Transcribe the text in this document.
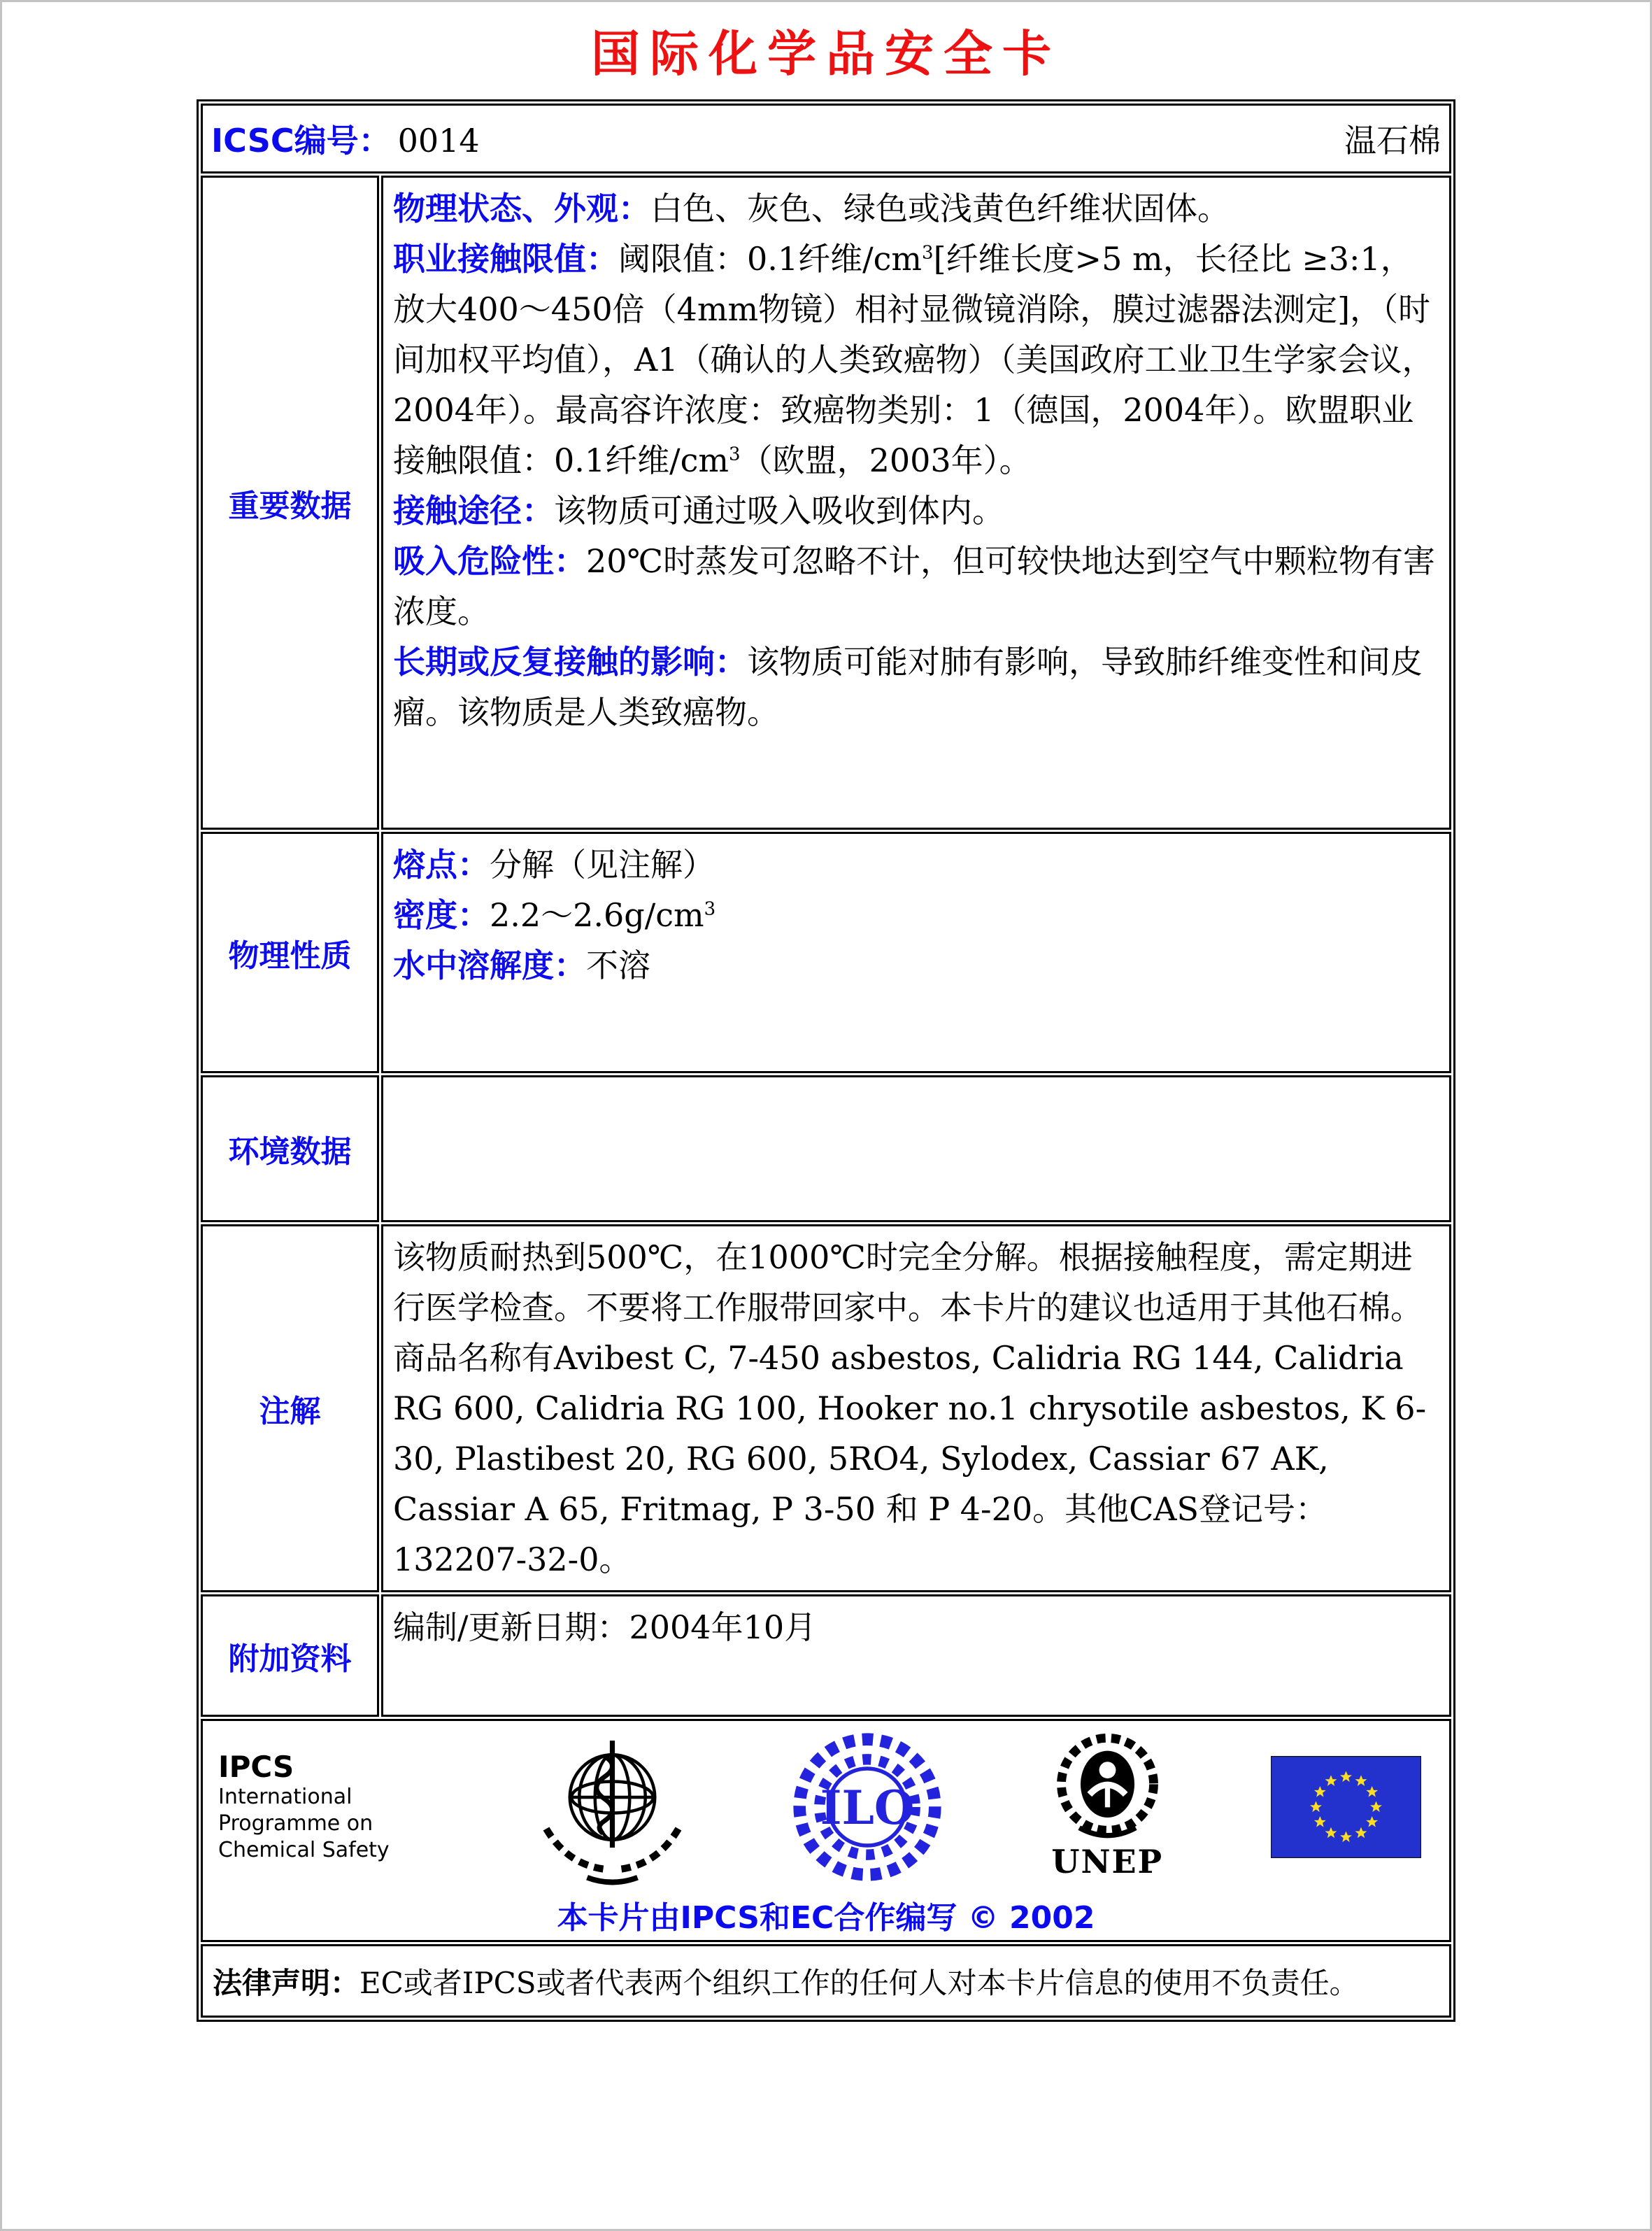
国际化学品安全卡
ICSC编号： 0014 温石棉	

重要数据	物理状态、外观：白色、灰色、绿色或浅黄色纤维状固体。
职业接触限值：阈限值：0.1纤维$/cm^3$[纤维长度>5 m，长径比 ≥3:1，放大400～450倍（4mm物镜）相衬显微镜消除，膜过滤器法测定]，（时间加权平均值），A1（确认的人类致癌物）（美国政府工业卫生学家会议，2004年）。最高容许浓度：致癌物类别：1（德国，2004年）。欧盟职业接触限值：0.1纤维$/cm^3$（欧盟，2003年）。
接触途径：该物质可通过吸入吸收到体内。
吸入危险性：20℃时蒸发可忽略不计，但可较快地达到空气中颗粒物有害浓度。
长期或反复接触的影响：该物质可能对肺有影响，导致肺纤维变性和间皮瘤。该物质是人类致癌物。

物理性质	熔点：分解（见注解）
密度：$2.2\sim 2.6g/cm^3$
水中溶解度：不溶

环境数据	
注解	该物质耐热到500℃，在1000℃时完全分解。根据接触程度，需定期进行医学检查。不要将工作服带回家中。本卡片的建议也适用于其他石棉。商品名称有Avibest C, 7-450 asbestos, Calidria RG 144, Calidria RG 600, Calidria RG 100, Hooker no.1 chrysotile asbestos, K 6-30, Plastibest 20, RG 600, 5RO4, Sylodex, Cassiar 67 AK, Cassiar A 65, Fritmag, P 3-50 和 P 4-20。其他CAS登记号：132207-32-0。
附加资料	编制/更新日期：2004年10月

IPCS
International
Programme on
Chemical Safety
ILO
UNEP
本卡片由IPCS和EC合作编写 © 2002

法律声明：EC或者IPCS或者代表两个组织工作的任何人对本卡片信息的使用不负责任。	
